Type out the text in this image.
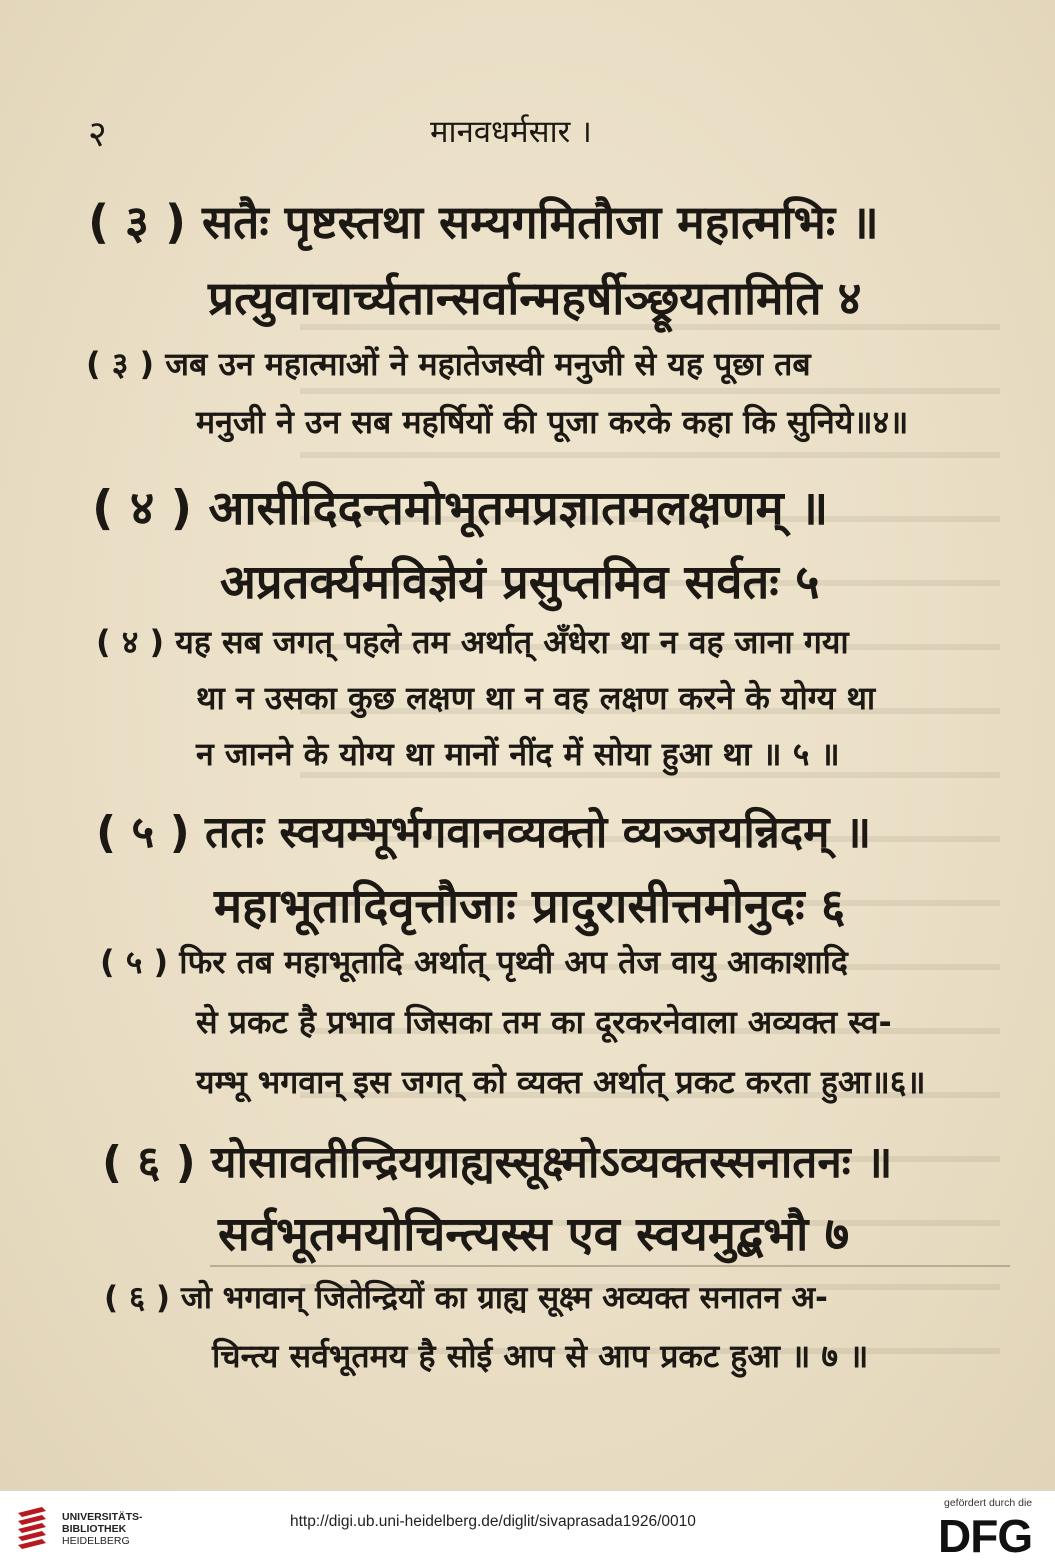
२	मानवधर्मसार ।
( ३ ) सतैः पृष्टस्तथा सम्यगमितौजा महात्मभिः ॥
प्रत्युवाचार्च्यतान्सर्वान्महर्षीञ्छ्रूयतामिति ४
( ३ ) जब उन महात्माओं ने महातेजस्वी मनुजी से यह पूछा तब
मनुजी ने उन सब महर्षियों की पूजा करके कहा कि सुनिये॥४॥
( ४ ) आसीदिदन्तमोभूतमप्रज्ञातमलक्षणम् ॥
अप्रतर्क्यमविज्ञेयं प्रसुप्तमिव सर्वतः ५
( ४ ) यह सब जगत् पहले तम अर्थात् अँधेरा था न वह जाना गया
था न उसका कुछ लक्षण था न वह लक्षण करने के योग्य था
न जानने के योग्य था मानों नींद में सोया हुआ था ॥ ५ ॥
( ५ ) ततः स्वयम्भूर्भगवानव्यक्तो व्यञ्जयन्निदम् ॥
महाभूतादिवृत्तौजाः प्रादुरासीत्तमोनुदः ६
( ५ ) फिर तब महाभूतादि अर्थात् पृथ्वी अप तेज वायु आकाशादि
से प्रकट है प्रभाव जिसका तम का दूरकरनेवाला अव्यक्त स्व-
यम्भू भगवान् इस जगत् को व्यक्त अर्थात् प्रकट करता हुआ॥६॥
( ६ ) योसावतीन्द्रियग्राह्यस्सूक्ष्मोऽव्यक्तस्सनातनः ॥
सर्वभूतमयोचिन्त्यस्स एव स्वयमुद्बभौ ७
( ६ ) जो भगवान् जितेन्द्रियों का ग्राह्य सूक्ष्म अव्यक्त सनातन अ-
चिन्त्य सर्वभूतमय है सोई आप से आप प्रकट हुआ ॥ ७ ॥
UNIVERSITÄTS-
BIBLIOTHEK
HEIDELBERG
http://digi.ub.uni-heidelberg.de/diglit/sivaprasada1926/0010
gefördert durch die
DFG
